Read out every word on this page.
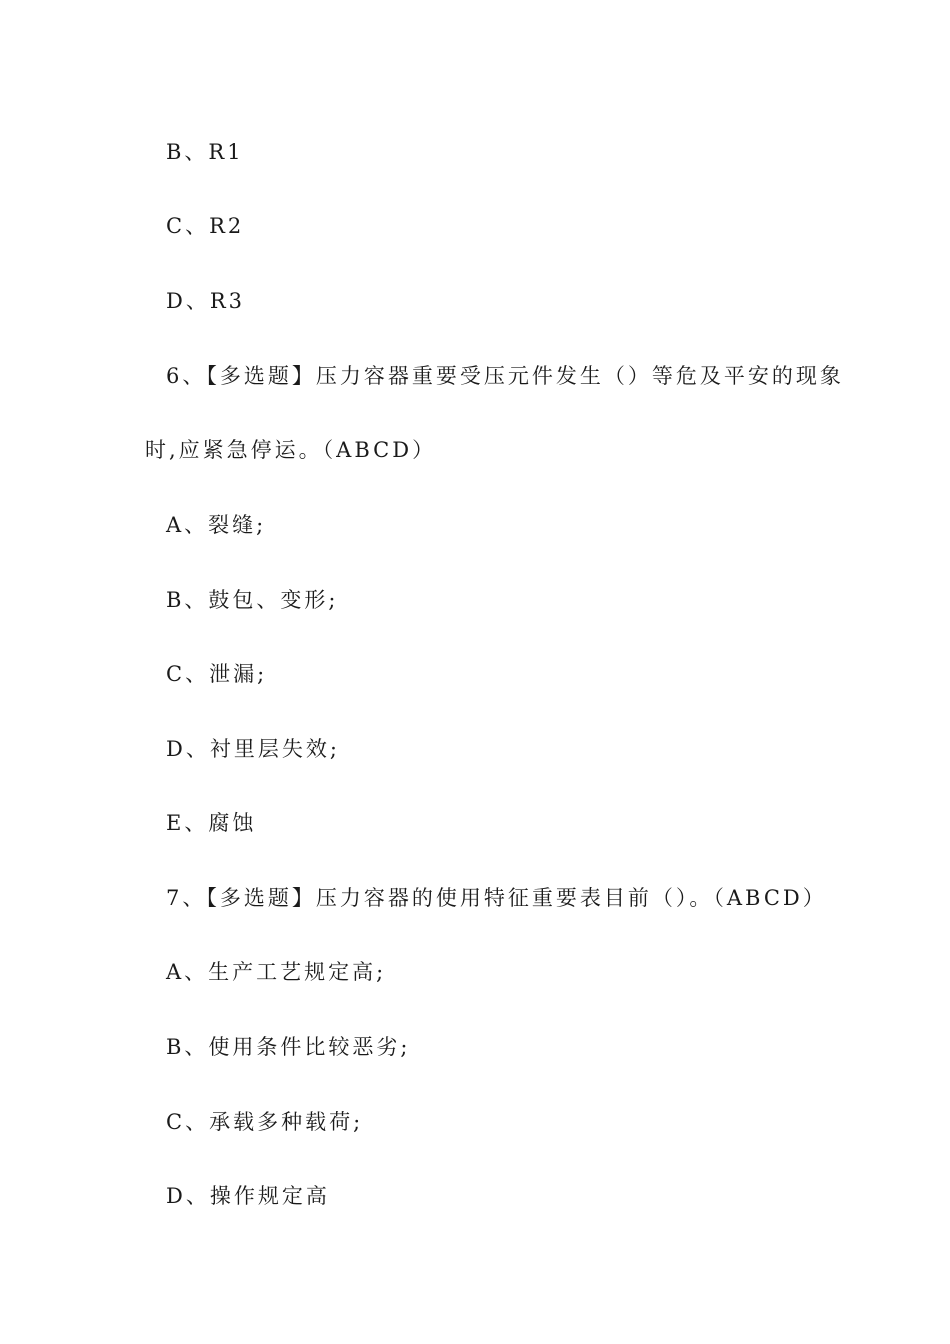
B、R1
C、R2
D、R3
6、【多选题】压力容器重要受压元件发生（）等危及平安的现象
时,应紧急停运。（ABCD）
A、裂缝;
B、鼓包、变形;
C、泄漏;
D、衬里层失效;
E、腐蚀
7、【多选题】压力容器的使用特征重要表目前（）。（ABCD）
A、生产工艺规定高;
B、使用条件比较恶劣;
C、承载多种载荷;
D、操作规定高
